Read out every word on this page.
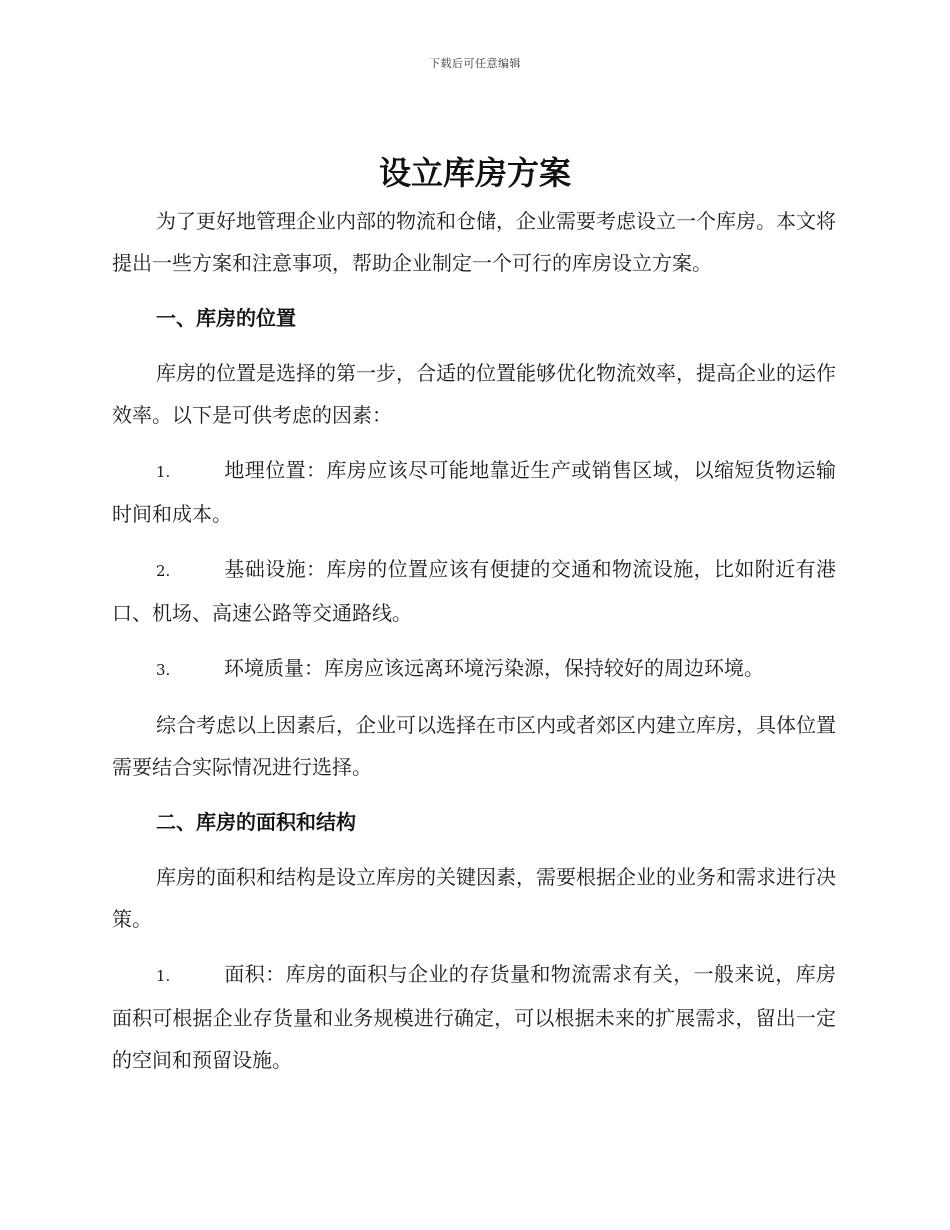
下载后可任意编辑
设立库房方案

为了更好地管理企业内部的物流和仓储，企业需要考虑设立一个库房。本文将提出一些方案和注意事项，帮助企业制定一个可行的库房设立方案。

一、库房的位置

库房的位置是选择的第一步，合适的位置能够优化物流效率，提高企业的运作效率。以下是可供考虑的因素：

1.	地理位置：库房应该尽可能地靠近生产或销售区域，以缩短货物运输时间和成本。

2.	基础设施：库房的位置应该有便捷的交通和物流设施，比如附近有港口、机场、高速公路等交通路线。

3.	环境质量：库房应该远离环境污染源，保持较好的周边环境。

综合考虑以上因素后，企业可以选择在市区内或者郊区内建立库房，具体位置需要结合实际情况进行选择。

二、库房的面积和结构

库房的面积和结构是设立库房的关键因素，需要根据企业的业务和需求进行决策。

1.	面积：库房的面积与企业的存货量和物流需求有关，一般来说，库房面积可根据企业存货量和业务规模进行确定，可以根据未来的扩展需求，留出一定的空间和预留设施。
